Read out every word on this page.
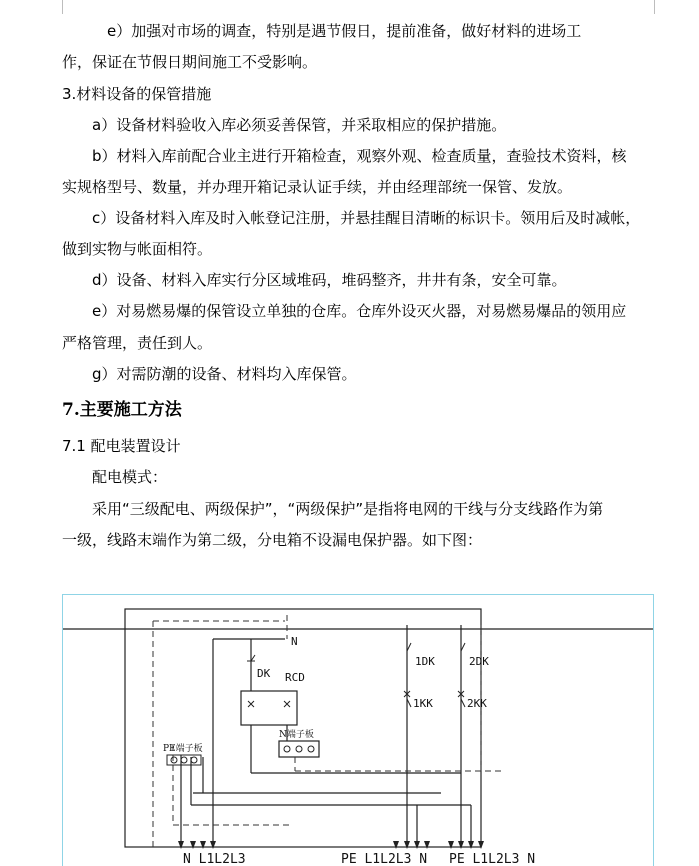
e）加强对市场的调查，特别是遇节假日，提前准备，做好材料的进场工
作，保证在节假日期间施工不受影响。
3.材料设备的保管措施
a）设备材料验收入库必须妥善保管，并采取相应的保护措施。
b）材料入库前配合业主进行开箱检查，观察外观、检查质量，查验技术资料，核
实规格型号、数量，并办理开箱记录认证手续，并由经理部统一保管、发放。
c）设备材料入库及时入帐登记注册，并悬挂醒目清晰的标识卡。领用后及时减帐，
做到实物与帐面相符。
d）设备、材料入库实行分区域堆码，堆码整齐，井井有条，安全可靠。
e）对易燃易爆的保管设立单独的仓库。仓库外设灭火器，对易燃易爆品的领用应
严格管理，责任到人。
g）对需防潮的设备、材料均入库保管。
7.主要施工方法
7.1 配电装置设计
配电模式：
采用“三级配电、两级保护”，“两级保护”是指将电网的干线与分支线路作为第
一级，线路末端作为第二级，分电箱不设漏电保护器。如下图：
N
DK RCD
1DK	2DK
1KK	2KK
PE端子板
N端子板
N L1L2L3	PE L1L2L3 N PE L1L2L3 N
